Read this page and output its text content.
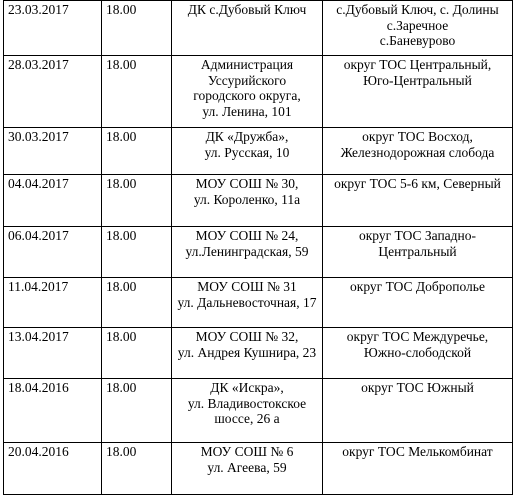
23.03.2017	18.00	ДК с.Дубовый Ключ	с.Дубовый Ключ, с. Долины
с.Заречное
с.Баневурово

28.03.2017	18.00	Администрация
Уссурийского
городского округа,
ул. Ленина, 101	округ ТОС Центральный,
Юго-Центральный

30.03.2017	18.00	ДК «Дружба»,
ул. Русская, 10	округ ТОС Восход,
Железнодорожная слобода

04.04.2017	18.00	МОУ СОШ № 30,
ул. Короленко, 11а	округ ТОС 5-6 км, Северный

06.04.2017	18.00	МОУ СОШ № 24,
ул.Ленинградская, 59	округ ТОС Западно-
Центральный

11.04.2017	18.00	МОУ СОШ № 31
ул. Дальневосточная, 17	округ ТОС Доброполье

13.04.2017	18.00	МОУ СОШ № 32,
ул. Андрея Кушнира, 23	округ ТОС Междуречье,
Южно-слободской

18.04.2016	18.00	ДК «Искра»,
ул. Владивостокское
шоссе, 26 а	округ ТОС Южный

20.04.2016	18.00	МОУ СОШ № 6
ул. Агеева, 59	округ ТОС Мелькомбинат
